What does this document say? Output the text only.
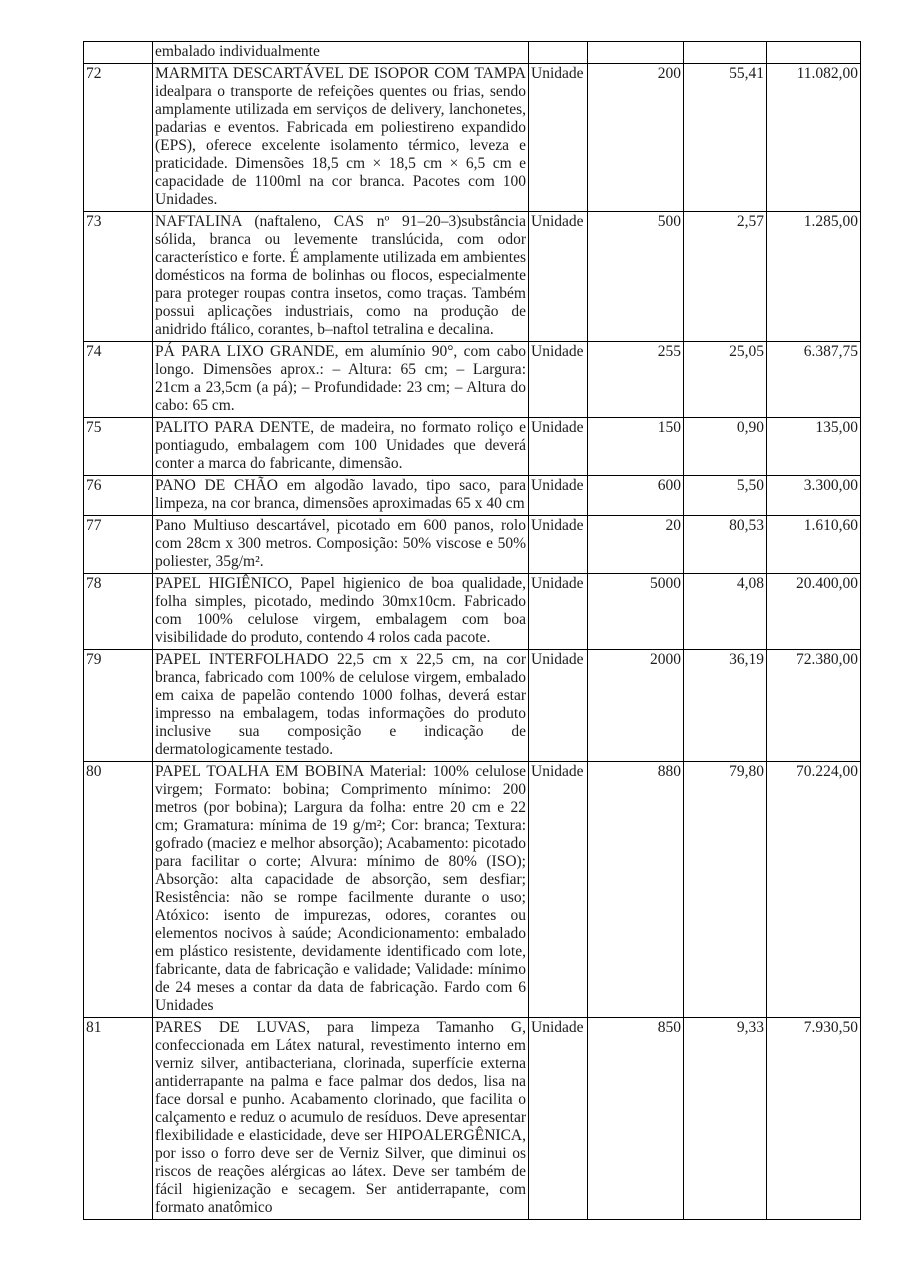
	embalado individualmente				
72	MARMITA DESCARTÁVEL DE ISOPOR COM TAMPA idealpara o transporte de refeições quentes ou frias, sendo amplamente utilizada em serviços de delivery, lanchonetes, padarias e eventos. Fabricada em poliestireno expandido (EPS), oferece excelente isolamento térmico, leveza e praticidade. Dimensões 18,5 cm × 18,5 cm × 6,5 cm e capacidade de 1100ml na cor branca. Pacotes com 100 Unidades.	Unidade	200	55,41	11.082,00
73	NAFTALINA (naftaleno, CAS nº 91–20–3)substância sólida, branca ou levemente translúcida, com odor característico e forte. É amplamente utilizada em ambientes domésticos na forma de bolinhas ou flocos, especialmente para proteger roupas contra insetos, como traças. Também possui aplicações industriais, como na produção de anidrido ftálico, corantes, b–naftol tetralina e decalina.	Unidade	500	2,57	1.285,00
74	PÁ PARA LIXO GRANDE, em alumínio 90°, com cabo longo. Dimensões aprox.: – Altura: 65 cm; – Largura: 21cm a 23,5cm (a pá); – Profundidade: 23 cm; – Altura do cabo: 65 cm.	Unidade	255	25,05	6.387,75
75	PALITO PARA DENTE, de madeira, no formato roliço e pontiagudo, embalagem com 100 Unidades que deverá conter a marca do fabricante, dimensão.	Unidade	150	0,90	135,00
76	PANO DE CHÃO em algodão lavado, tipo saco, para limpeza, na cor branca, dimensões aproximadas 65 x 40 cm	Unidade	600	5,50	3.300,00
77	Pano Multiuso descartável, picotado em 600 panos, rolo com 28cm x 300 metros. Composição: 50% viscose e 50% poliester, 35g/m².	Unidade	20	80,53	1.610,60
78	PAPEL HIGIÊNICO, Papel higienico de boa qualidade, folha simples, picotado, medindo 30mx10cm. Fabricado com 100% celulose virgem, embalagem com boa visibilidade do produto, contendo 4 rolos cada pacote.	Unidade	5000	4,08	20.400,00
79	PAPEL INTERFOLHADO 22,5 cm x 22,5 cm, na cor branca, fabricado com 100% de celulose virgem, embalado em caixa de papelão contendo 1000 folhas, deverá estar impresso na embalagem, todas informações do produto inclusive sua composição e indicação de dermatologicamente testado.	Unidade	2000	36,19	72.380,00
80	PAPEL TOALHA EM BOBINA Material: 100% celulose virgem; Formato: bobina; Comprimento mínimo: 200 metros (por bobina); Largura da folha: entre 20 cm e 22 cm; Gramatura: mínima de 19 g/m²; Cor: branca; Textura: gofrado (maciez e melhor absorção); Acabamento: picotado para facilitar o corte; Alvura: mínimo de 80% (ISO); Absorção: alta capacidade de absorção, sem desfiar; Resistência: não se rompe facilmente durante o uso; Atóxico: isento de impurezas, odores, corantes ou elementos nocivos à saúde; Acondicionamento: embalado em plástico resistente, devidamente identificado com lote, fabricante, data de fabricação e validade; Validade: mínimo de 24 meses a contar da data de fabricação. Fardo com 6 Unidades	Unidade	880	79,80	70.224,00
81	PARES DE LUVAS, para limpeza Tamanho G, confeccionada em Látex natural, revestimento interno em verniz silver, antibacteriana, clorinada, superfície externa antiderrapante na palma e face palmar dos dedos, lisa na face dorsal e punho. Acabamento clorinado, que facilita o calçamento e reduz o acumulo de resíduos. Deve apresentar flexibilidade e elasticidade, deve ser HIPOALERGÊNICA, por isso o forro deve ser de Verniz Silver, que diminui os riscos de reações alérgicas ao látex. Deve ser também de fácil higienização e secagem. Ser antiderrapante, com formato anatômico	Unidade	850	9,33	7.930,50
